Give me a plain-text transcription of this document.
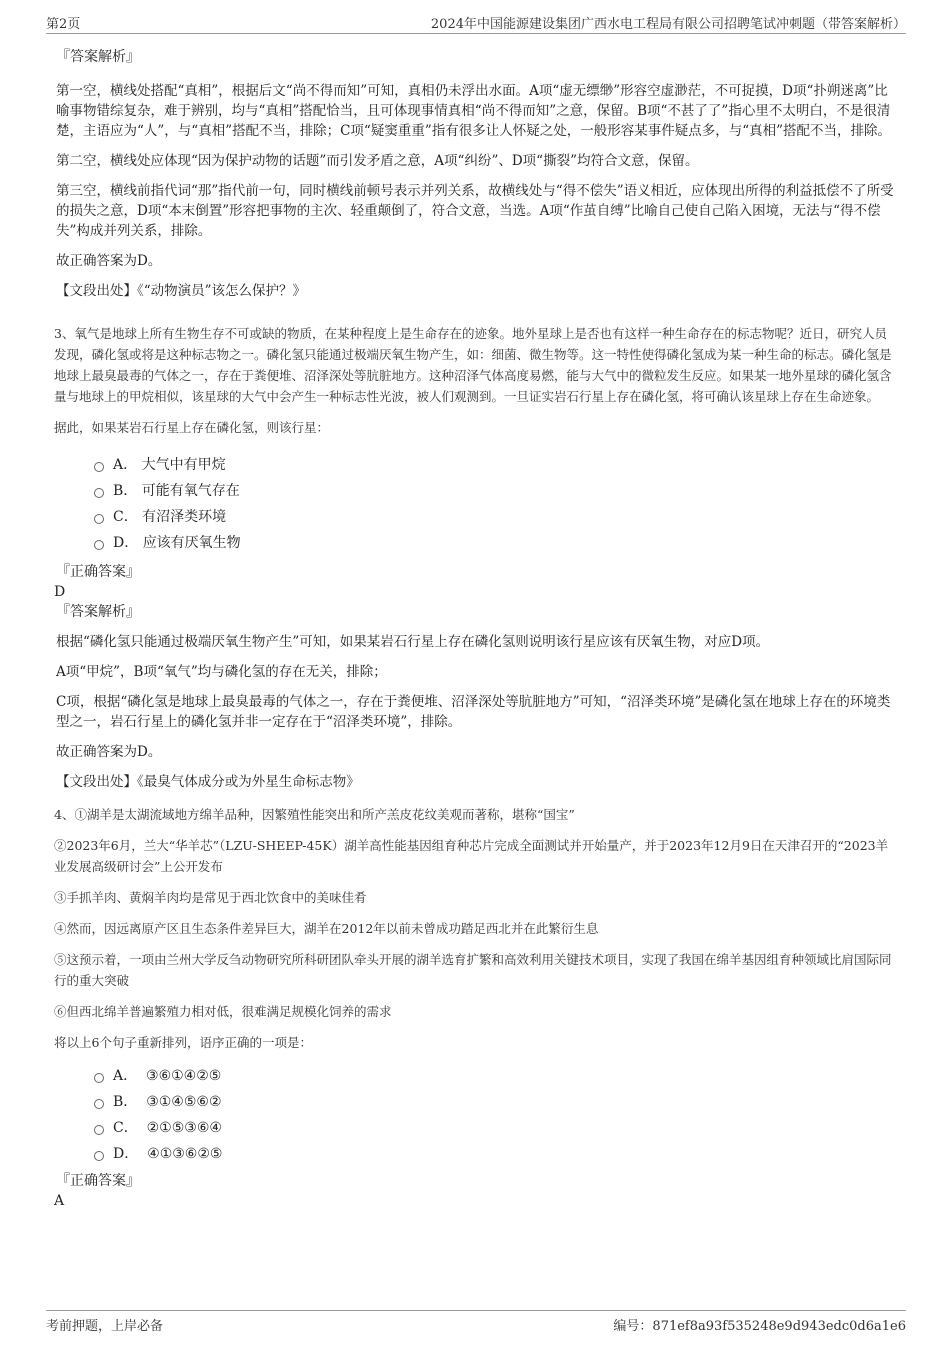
第2页	2024年中国能源建设集团广西水电工程局有限公司招聘笔试冲刺题（带答案解析）

『答案解析』

第一空，横线处搭配“真相”，根据后文“尚不得而知”可知，真相仍未浮出水面。A项“虚无缥缈”形容空虚渺茫，不可捉摸，D项“扑朔迷离”比喻事物错综复杂，难于辨别，均与“真相”搭配恰当，且可体现事情真相“尚不得而知”之意，保留。B项“不甚了了”指心里不太明白，不是很清楚，主语应为“人”，与“真相”搭配不当，排除；C项“疑窦重重”指有很多让人怀疑之处，一般形容某事件疑点多，与“真相”搭配不当，排除。

第二空，横线处应体现“因为保护动物的话题”而引发矛盾之意，A项“纠纷”、D项“撕裂”均符合文意，保留。

第三空，横线前指代词“那”指代前一句，同时横线前顿号表示并列关系，故横线处与“得不偿失”语义相近，应体现出所得的利益抵偿不了所受的损失之意，D项“本末倒置”形容把事物的主次、轻重颠倒了，符合文意，当选。A项“作茧自缚”比喻自己使自己陷入困境，无法与“得不偿失”构成并列关系，排除。

故正确答案为D。

【文段出处】《“动物演员”该怎么保护？》

3、氧气是地球上所有生物生存不可或缺的物质，在某种程度上是生命存在的迹象。地外星球上是否也有这样一种生命存在的标志物呢？近日，研究人员发现，磷化氢或将是这种标志物之一。磷化氢只能通过极端厌氧生物产生，如：细菌、微生物等。这一特性使得磷化氢成为某一种生命的标志。磷化氢是地球上最臭最毒的气体之一，存在于粪便堆、沼泽深处等肮脏地方。这种沼泽气体高度易燃，能与大气中的微粒发生反应。如果某一地外星球的磷化氢含量与地球上的甲烷相似，该星球的大气中会产生一种标志性光波，被人们观测到。一旦证实岩石行星上存在磷化氢，将可确认该星球上存在生命迹象。

据此，如果某岩石行星上存在磷化氢，则该行星：

A．
大气中有甲烷
B．
可能有氧气存在
C．
有沼泽类环境
D．
应该有厌氧生物

『正确答案』

D

『答案解析』

根据“磷化氢只能通过极端厌氧生物产生”可知，如果某岩石行星上存在磷化氢则说明该行星应该有厌氧生物，对应D项。

A项“甲烷”，B项“氧气”均与磷化氢的存在无关，排除；

C项，根据“磷化氢是地球上最臭最毒的气体之一，存在于粪便堆、沼泽深处等肮脏地方”可知，“沼泽类环境”是磷化氢在地球上存在的环境类型之一，岩石行星上的磷化氢并非一定存在于“沼泽类环境”，排除。

故正确答案为D。

【文段出处】《最臭气体成分或为外星生命标志物》

4、①湖羊是太湖流域地方绵羊品种，因繁殖性能突出和所产羔皮花纹美观而著称，堪称“国宝”

②2023年6月，兰大“华羊芯”（LZU-SHEEP-45K）湖羊高性能基因组育种芯片完成全面测试并开始量产，并于2023年12月9日在天津召开的“2023羊业发展高级研讨会”上公开发布

③手抓羊肉、黄焖羊肉均是常见于西北饮食中的美味佳肴

④然而，因远离原产区且生态条件差异巨大，湖羊在2012年以前未曾成功踏足西北并在此繁衍生息

⑤这预示着，一项由兰州大学反刍动物研究所科研团队牵头开展的湖羊选育扩繁和高效利用关键技术项目，实现了我国在绵羊基因组育种领域比肩国际同行的重大突破

⑥但西北绵羊普遍繁殖力相对低，很难满足规模化饲养的需求

将以上6个句子重新排列，语序正确的一项是：

A．
③⑥①④②⑤
B．
③①④⑤⑥②
C．
②①⑤③⑥④
D．
④①③⑥②⑤

『正确答案』

A

考前押题，上岸必备	编号：871ef8a93f535248e9d943edc0d6a1e6
